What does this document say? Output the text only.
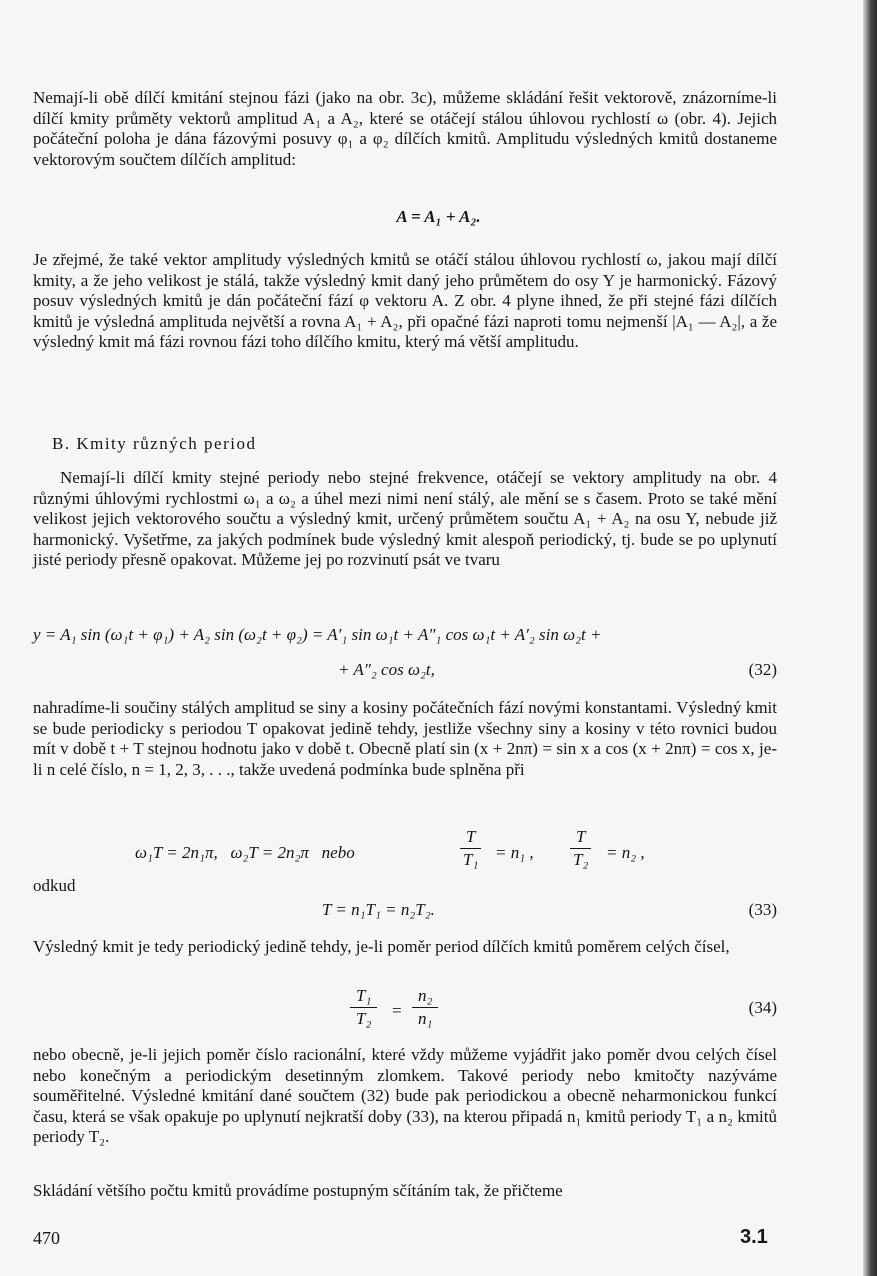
Nemají-li obě dílčí kmitání stejnou fázi (jako na obr. 3c), můžeme skládání řešit vektorově, znázorníme-li dílčí kmity průměty vektorů amplitud A₁ a A₂, které se otáčejí stálou úhlovou rychlostí ω (obr. 4). Jejich počáteční poloha je dána fázovými posuvy φ₁ a φ₂ dílčích kmitů. Amplitudu výsledných kmitů dostaneme vektorovým součtem dílčích amplitud:

A = A₁ + A₂.

Je zřejmé, že také vektor amplitudy výsledných kmitů se otáčí stálou úhlovou rychlostí ω, jakou mají dílčí kmity, a že jeho velikost je stálá, takže výsledný kmit daný jeho průmětem do osy Y je harmonický. Fázový posuv výsledných kmitů je dán počáteční fází φ vektoru A. Z obr. 4 plyne ihned, že při stejné fázi dílčích kmitů je výsledná amplituda největší a rovna A₁ + A₂, při opačné fázi naproti tomu nejmenší |A₁ — A₂|, a že výsledný kmit má fázi rovnou fázi toho dílčího kmitu, který má větší amplitudu.

B. Kmity různých period

Nemají-li dílčí kmity stejné periody nebo stejné frekvence, otáčejí se vektory amplitudy na obr. 4 různými úhlovými rychlostmi ω₁ a ω₂ a úhel mezi nimi není stálý, ale mění se s časem. Proto se také mění velikost jejich vektorového součtu a výsledný kmit, určený průmětem součtu A₁ + A₂ na osu Y, nebude již harmonický. Vyšetřme, za jakých podmínek bude výsledný kmit alespoň periodický, tj. bude se po uplynutí jisté periody přesně opakovat. Můžeme jej po rozvinutí psát ve tvaru

y = A₁ sin (ω₁t + φ₁) + A₂ sin (ω₂t + φ₂) = A′₁ sin ω₁t + A″₁ cos ω₁t + A′₂ sin ω₂t +
+ A″₂ cos ω₂t,	(32)

nahradíme-li součiny stálých amplitud se siny a kosiny počátečních fází novými konstantami. Výsledný kmit se bude periodicky s periodou T opakovat jedině tehdy, jestliže všechny siny a kosiny v této rovnici budou mít v době t + T stejnou hodnotu jako v době t. Obecně platí sin (x + 2nπ) = sin x a cos (x + 2nπ) = cos x, je-li n celé číslo, n = 1, 2, 3, . . ., takže uvedená podmínka bude splněna při

ω₁T = 2n₁π,   ω₂T = 2n₂π   nebo	$\frac{T}{\text{T₁}} = n_1$ , $\frac{T}{\text{T₂}} = n_2$ ,
odkud
T = n₁T₁ = n₂T₂.	(33)

Výsledný kmit je tedy periodický jedině tehdy, je-li poměr period dílčích kmitů poměrem celých čísel,

$\frac{\text{T₁}}{\text{T₂}} = \frac{\text{n₂}}{\text{n₁}}$	(34)

nebo obecně, je-li jejich poměr číslo racionální, které vždy můžeme vyjádřit jako poměr dvou celých čísel nebo konečným a periodickým desetinným zlomkem. Takové periody nebo kmitočty nazýváme souměřitelné. Výsledné kmitání dané součtem (32) bude pak periodickou a obecně neharmonickou funkcí času, která se však opakuje po uplynutí nejkratší doby (33), na kterou připadá n₁ kmitů periody T₁ a n₂ kmitů periody T₂.

Skládání většího počtu kmitů provádíme postupným sčítáním tak, že přičteme

470	3.1
